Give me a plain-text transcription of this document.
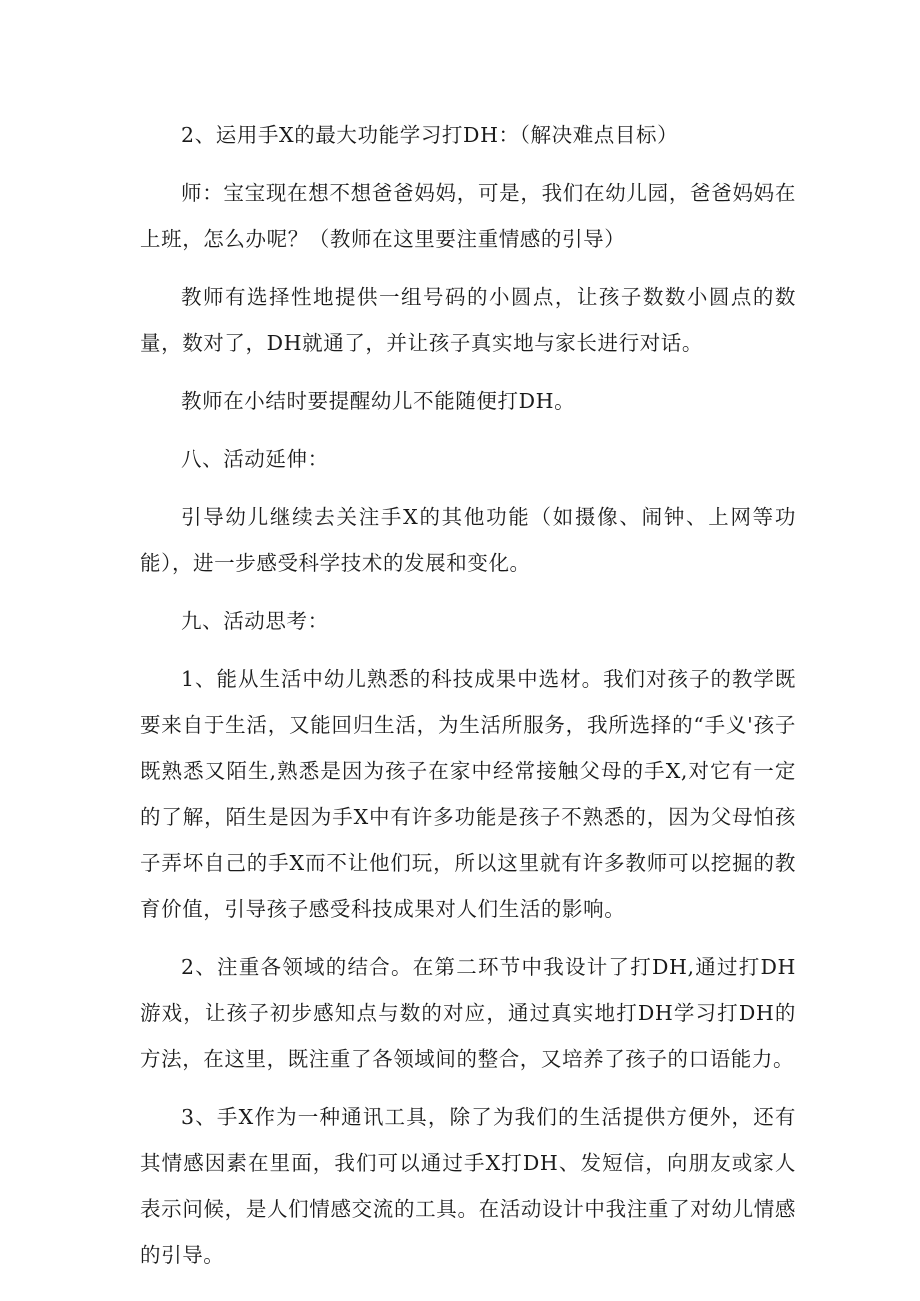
2、运用手X的最大功能学习打DH：（解决难点目标）

师：宝宝现在想不想爸爸妈妈，可是，我们在幼儿园，爸爸妈妈在上班，怎么办呢？（教师在这里要注重情感的引导）

教师有选择性地提供一组号码的小圆点，让孩子数数小圆点的数量，数对了，DH就通了，并让孩子真实地与家长进行对话。

教师在小结时要提醒幼儿不能随便打DH。

八、活动延伸：

引导幼儿继续去关注手X的其他功能（如摄像、闹钟、上网等功能），进一步感受科学技术的发展和变化。

九、活动思考：

1、能从生活中幼儿熟悉的科技成果中选材。我们对孩子的教学既要来自于生活，又能回归生活，为生活所服务，我所选择的“手义'孩子既熟悉又陌生,熟悉是因为孩子在家中经常接触父母的手X,对它有一定的了解，陌生是因为手X中有许多功能是孩子不熟悉的，因为父母怕孩子弄坏自己的手X而不让他们玩，所以这里就有许多教师可以挖掘的教育价值，引导孩子感受科技成果对人们生活的影响。

2、注重各领域的结合。在第二环节中我设计了打DH,通过打DH游戏，让孩子初步感知点与数的对应，通过真实地打DH学习打DH的方法，在这里，既注重了各领域间的整合，又培养了孩子的口语能力。

3、手X作为一种通讯工具，除了为我们的生活提供方便外，还有其情感因素在里面，我们可以通过手X打DH、发短信，向朋友或家人表示问候，是人们情感交流的工具。在活动设计中我注重了对幼儿情感的引导。
